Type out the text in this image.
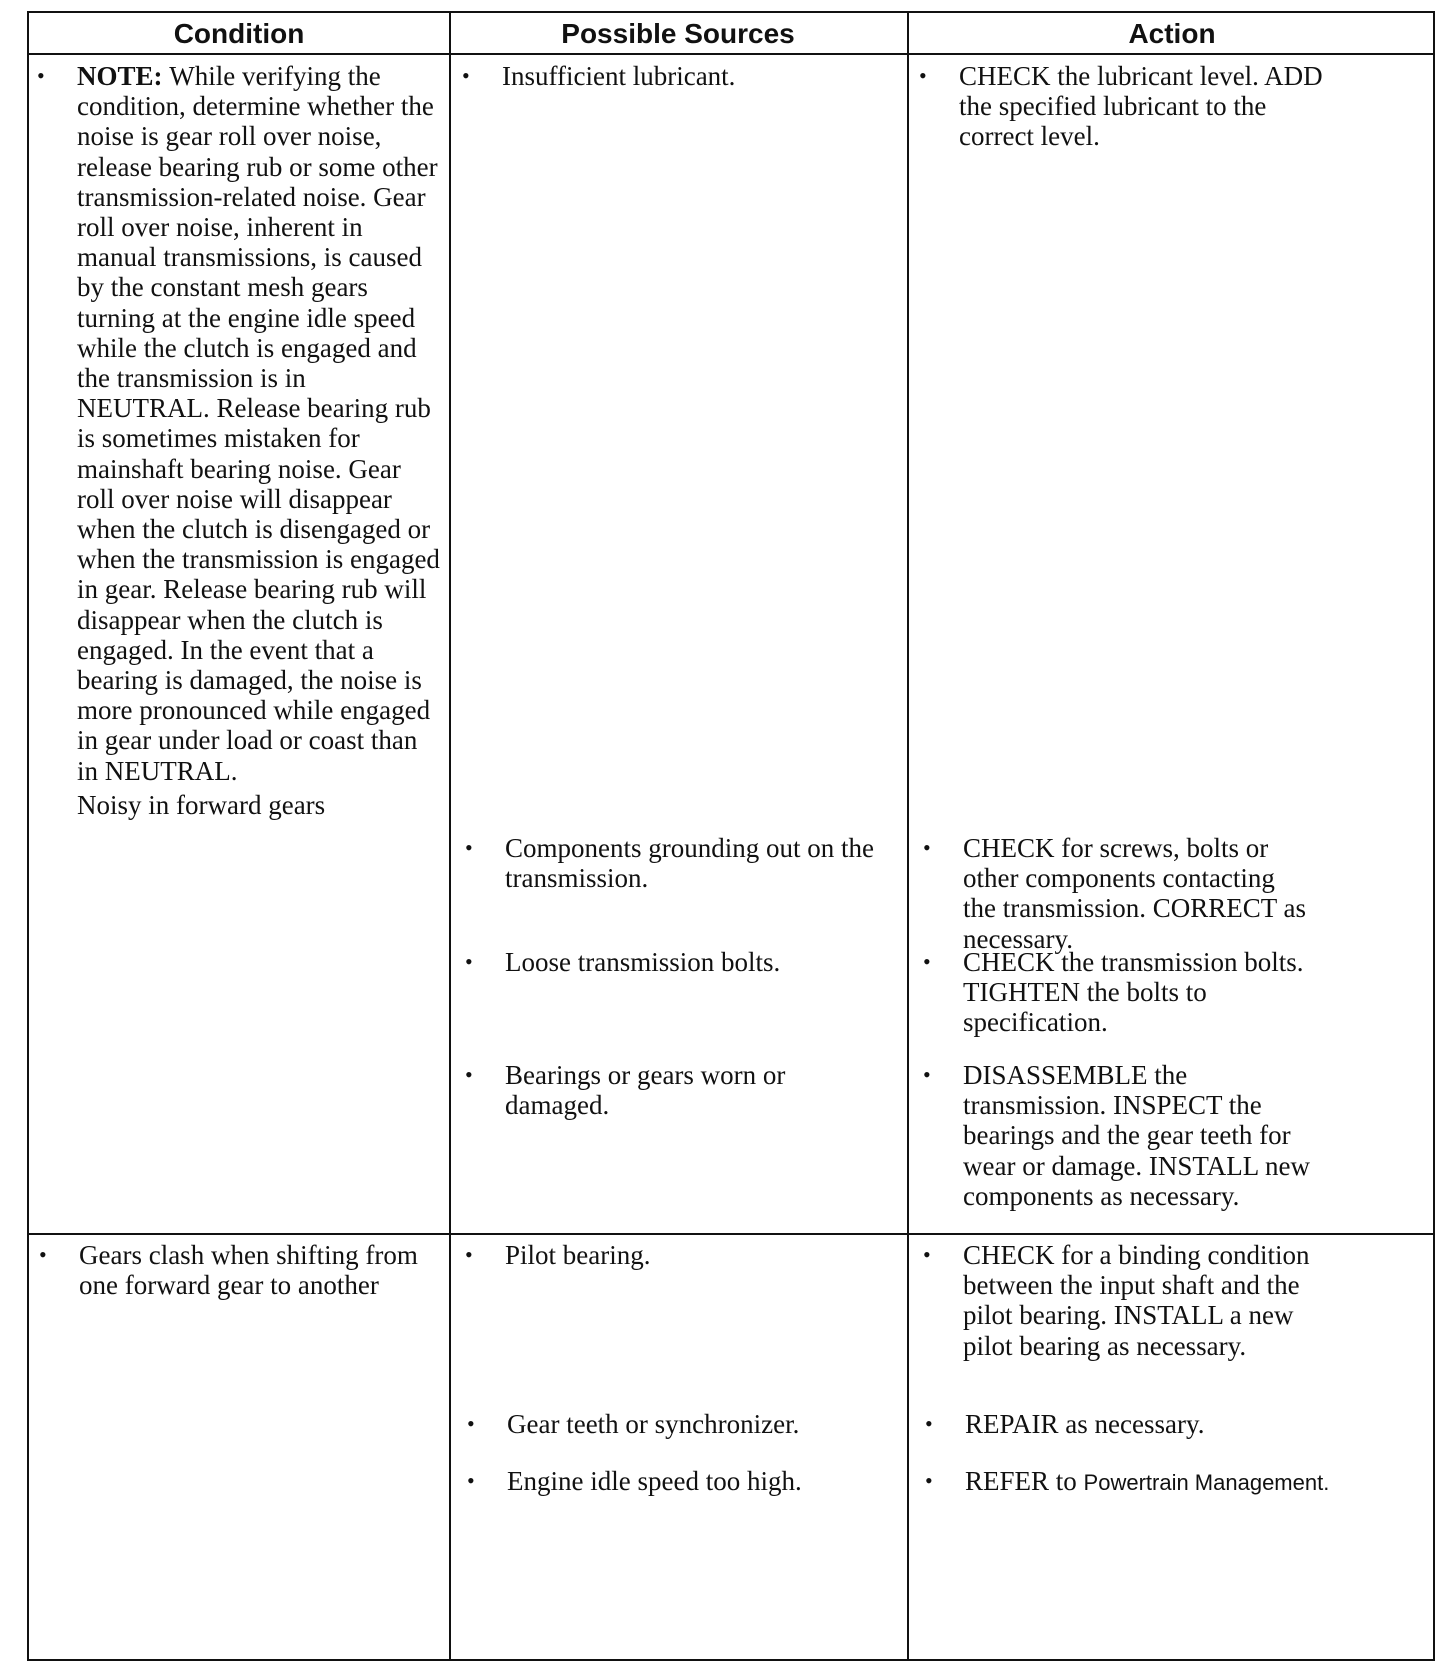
Condition	Possible Sources	Action
• NOTE: While verifying the condition, determine whether the noise is gear roll over noise, release bearing rub or some other transmission-related noise. Gear roll over noise, inherent in manual transmissions, is caused by the constant mesh gears turning at the engine idle speed while the clutch is engaged and the transmission is in NEUTRAL. Release bearing rub is sometimes mistaken for mainshaft bearing noise. Gear roll over noise will disappear when the clutch is disengaged or when the transmission is engaged in gear. Release bearing rub will disappear when the clutch is engaged. In the event that a bearing is damaged, the noise is more pronounced while engaged in gear under load or coast than in NEUTRAL.

Noisy in forward gears

• Insufficient lubricant.
• Components grounding out on the transmission.
• Loose transmission bolts.
• Bearings or gears worn or damaged.
• CHECK the lubricant level. ADD the specified lubricant to the correct level.
• CHECK for screws, bolts or other components contacting the transmission. CORRECT as necessary.
• CHECK the transmission bolts. TIGHTEN the bolts to specification.
• DISASSEMBLE the transmission. INSPECT the bearings and the gear teeth for wear or damage. INSTALL new components as necessary.
• Gears clash when shifting from one forward gear to another
• Pilot bearing.
• Gear teeth or synchronizer.
• Engine idle speed too high.
• CHECK for a binding condition between the input shaft and the pilot bearing. INSTALL a new pilot bearing as necessary.
• REPAIR as necessary.
• REFER to Powertrain Management.
